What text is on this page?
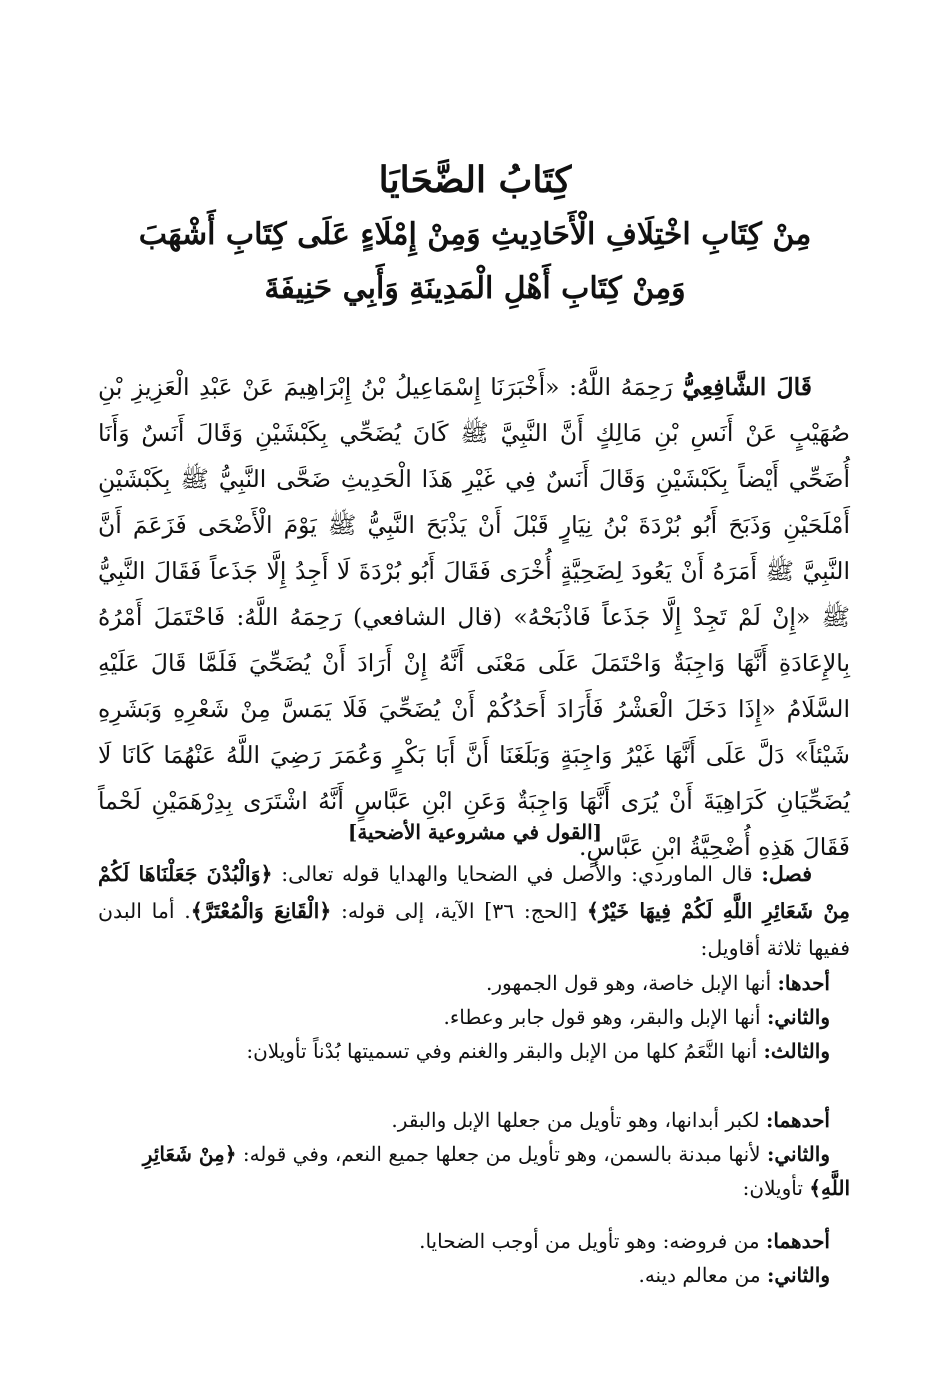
كِتَابُ الضَّحَايَا

مِنْ كِتَابِ اخْتِلَافِ الْأَحَادِيثِ وَمِنْ إِمْلَاءٍ عَلَى كِتَابِ أَشْهَبَ

وَمِنْ كِتَابِ أَهْلِ الْمَدِينَةِ وَأَبِي حَنِيفَةَ

قَالَ الشَّافِعِيُّ رَحِمَهُ اللَّهُ: «أَخْبَرَنَا إِسْمَاعِيلُ بْنُ إِبْرَاهِيمَ عَنْ عَبْدِ الْعَزِيزِ بْنِ صُهَيْبٍ عَنْ أَنَسِ بْنِ مَالِكٍ أَنَّ النَّبِيَّ ﷺ كَانَ يُضَحِّي بِكَبْشَيْنِ وَقَالَ أَنَسٌ وَأَنَا أُضَحِّي أَيْضاً بِكَبْشَيْنِ وَقَالَ أَنَسٌ فِي غَيْرِ هَذَا الْحَدِيثِ ضَحَّى النَّبِيُّ ﷺ بِكَبْشَيْنِ أَمْلَحَيْنِ وَذَبَحَ أَبُو بُرْدَةَ بْنُ نِيَارٍ قَبْلَ أَنْ يَذْبَحَ النَّبِيُّ ﷺ يَوْمَ الْأَضْحَى فَزَعَمَ أَنَّ النَّبِيَّ ﷺ أَمَرَهُ أَنْ يَعُودَ لِضَحِيَّةٍ أُخْرَى فَقَالَ أَبُو بُرْدَةَ لَا أَجِدُ إِلَّا جَذَعاً فَقَالَ النَّبِيُّ ﷺ «إِنْ لَمْ تَجِدْ إِلَّا جَذَعاً فَاذْبَحْهُ» (قال الشافعي) رَحِمَهُ اللَّهُ: فَاحْتَمَلَ أَمْرُهُ بِالإِعَادَةِ أَنَّهَا وَاجِبَةٌ وَاحْتَمَلَ عَلَى مَعْنَى أَنَّهُ إِنْ أَرَادَ أَنْ يُضَحِّيَ فَلَمَّا قَالَ عَلَيْهِ السَّلَامُ «إِذَا دَخَلَ الْعَشْرُ فَأَرَادَ أَحَدُكُمْ أَنْ يُضَحِّيَ فَلَا يَمَسَّ مِنْ شَعْرِهِ وَبَشَرِهِ شَيْئاً» دَلَّ عَلَى أَنَّهَا غَيْرُ وَاجِبَةٍ وَبَلَغَنَا أَنَّ أَبَا بَكْرٍ وَعُمَرَ رَضِيَ اللَّهُ عَنْهُمَا كَانَا لَا يُضَحِّيَانِ كَرَاهِيَةَ أَنْ يُرَى أَنَّهَا وَاجِبَةٌ وَعَنِ ابْنِ عَبَّاسٍ أَنَّهُ اشْتَرَى بِدِرْهَمَيْنِ لَحْماً فَقَالَ هَذِهِ أُضْحِيَّةُ ابْنِ عَبَّاسٍ.

[القول في مشروعية الأضحية]

فصل: قال الماوردي: والأصل في الضحايا والهدايا قوله تعالى: ﴿وَالْبُدْنَ جَعَلْنَاهَا لَكُمْ مِنْ شَعَائِرِ اللَّهِ لَكُمْ فِيهَا خَيْرٌ﴾ [الحج: ٣٦] الآية، إلى قوله: ﴿الْقَانِعَ وَالْمُعْتَرَّ﴾. أما البدن ففيها ثلاثة أقاويل:

أحدها: أنها الإبل خاصة، وهو قول الجمهور.

والثاني: أنها الإبل والبقر، وهو قول جابر وعطاء.

والثالث: أنها النَّعَمُ كلها من الإبل والبقر والغنم وفي تسميتها بُدْناً تأويلان:

أحدهما: لكبر أبدانها، وهو تأويل من جعلها الإبل والبقر.

والثاني: لأنها مبدنة بالسمن، وهو تأويل من جعلها جميع النعم، وفي قوله: ﴿مِنْ شَعَائِرِ اللَّهِ﴾ تأويلان:

أحدهما: من فروضه: وهو تأويل من أوجب الضحايا.

والثاني: من معالم دينه.
